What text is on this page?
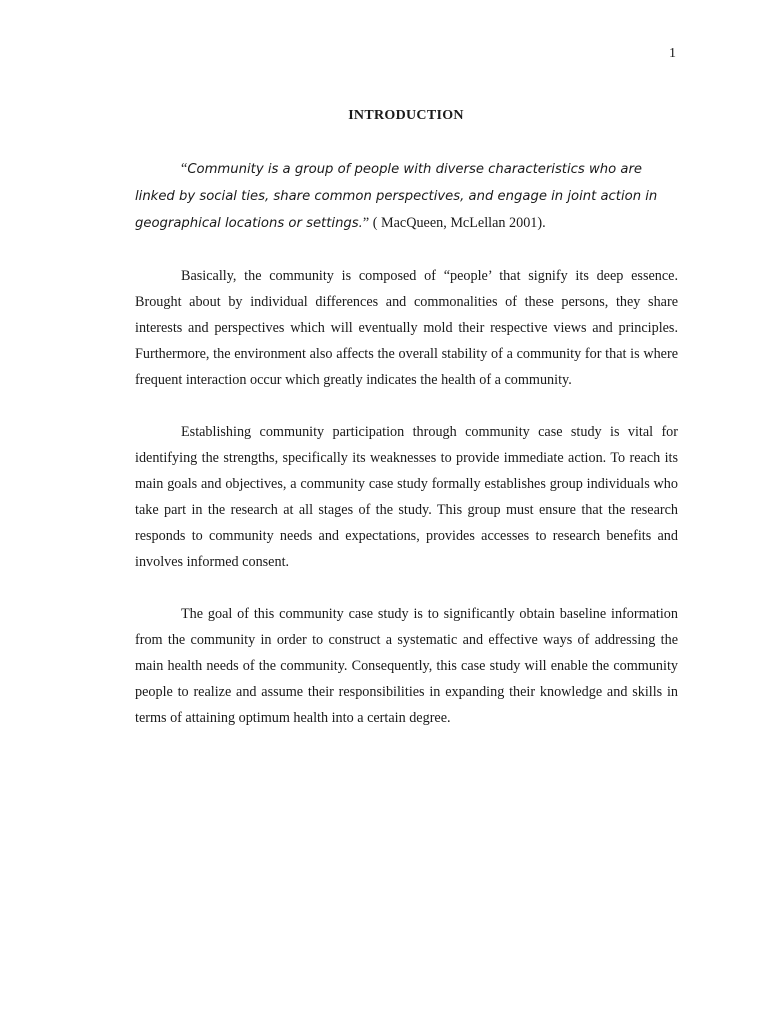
1
INTRODUCTION

“Community is a group of people with diverse characteristics who are linked by social ties, share common perspectives, and engage in joint action in geographical locations or settings.” ( MacQueen, McLellan 2001).

Basically, the community is composed of “people’ that signify its deep essence. Brought about by individual differences and commonalities of these persons, they share interests and perspectives which will eventually mold their respective views and principles. Furthermore, the environment also affects the overall stability of a community for that is where frequent interaction occur which greatly indicates the health of a community.

Establishing community participation through community case study is vital for identifying the strengths, specifically its weaknesses to provide immediate action. To reach its main goals and objectives, a community case study formally establishes group individuals who take part in the research at all stages of the study. This group must ensure that the research responds to community needs and expectations, provides accesses to research benefits and involves informed consent.

The goal of this community case study is to significantly obtain baseline information from the community in order to construct a systematic and effective ways of addressing the main health needs of the community. Consequently, this case study will enable the community people to realize and assume their responsibilities in expanding their knowledge and skills in terms of attaining optimum health into a certain degree.
